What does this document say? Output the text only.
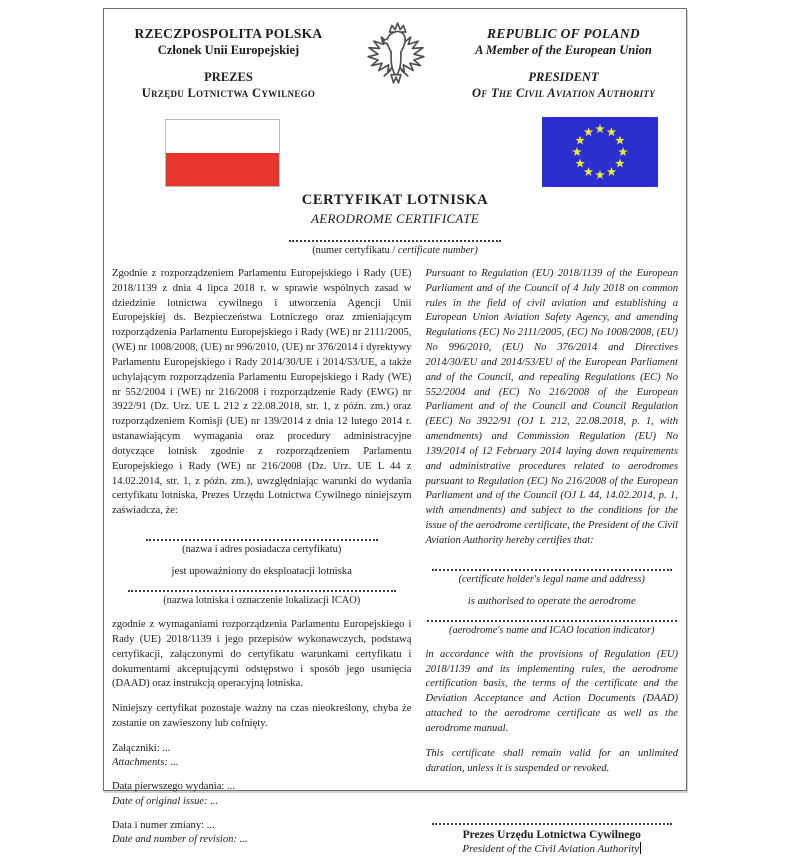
RZECZPOSPOLITA POLSKA
Członek Unii Europejskiej
PREZES
Urzędu Lotnictwa Cywilnego
REPUBLIC OF POLAND
A Member of the European Union
PRESIDENT
Of The Civil Aviation Authority
CERTYFIKAT LOTNISKA
AERODROME CERTIFICATE
(numer certyfikatu / certificate number)

Zgodnie z rozporządzeniem Parlamentu Europejskiego i Rady (UE) 2018/1139 z dnia 4 lipca 2018 r. w sprawie wspólnych zasad w dziedzinie lotnictwa cywilnego i utworzenia Agencji Unii Europejskiej ds. Bezpieczeństwa Lotniczego oraz zmieniającym rozporządzenia Parlamentu Europejskiego i Rady (WE) nr 2111/2005, (WE) nr 1008/2008, (UE) nr 996/2010, (UE) nr 376/2014 i dyrektywy Parlamentu Europejskiego i Rady 2014/30/UE i 2014/53/UE, a także uchylającym rozporządzenia Parlamentu Europejskiego i Rady (WE) nr 552/2004 i (WE) nr 216/2008 i rozporządzenie Rady (EWG) nr 3922/91 (Dz. Urz. UE L 212 z 22.08.2018, str. 1, z późn. zm.) oraz rozporządzeniem Komisji (UE) nr 139/2014 z dnia 12 lutego 2014 r. ustanawiającym wymagania oraz procedury administracyjne dotyczące lotnisk zgodnie z rozporządzeniem Parlamentu Europejskiego i Rady (WE) nr 216/2008 (Dz. Urz. UE L 44 z 14.02.2014, str. 1, z późn. zm.), uwzględniając warunki do wydania certyfikatu lotniska, Prezes Urzędu Lotnictwa Cywilnego niniejszym zaświadcza, że:

(nazwa i adres posiadacza certyfikatu)
jest upoważniony do eksploatacji lotniska
(nazwa lotniska i oznaczenie lokalizacji ICAO)

zgodnie z wymaganiami rozporządzenia Parlamentu Europejskiego i Rady (UE) 2018/1139 i jego przepisów wykonawczych, podstawą certyfikacji, załączonymi do certyfikatu warunkami certyfikatu i dokumentami akceptującymi odstępstwo i sposób jego usunięcia (DAAD) oraz instrukcją operacyjną lotniska.

Niniejszy certyfikat pozostaje ważny na czas nieokreślony, chyba że zostanie on zawieszony lub cofnięty.

Załączniki: ...
Attachments: ...
Data pierwszego wydania: ...
Date of original issue: ...
Data i numer zmiany: ...
Date and number of revision: ...

Pursuant to Regulation (EU) 2018/1139 of the European Parliament and of the Council of 4 July 2018 on common rules in the field of civil aviation and establishing a European Union Aviation Safety Agency, and amending Regulations (EC) No 2111/2005, (EC) No 1008/2008, (EU) No 996/2010, (EU) No 376/2014 and Directives 2014/30/EU and 2014/53/EU of the European Parliament and of the Council, and repealing Regulations (EC) No 552/2004 and (EC) No 216/2008 of the European Parliament and of the Council and Council Regulation (EEC) No 3922/91 (OJ L 212, 22.08.2018, p. 1, with amendments) and Commission Regulation (EU) No 139/2014 of 12 February 2014 laying down requirements and administrative procedures related to aerodromes pursuant to Regulation (EC) No 216/2008 of the European Parliament and of the Council (OJ L 44, 14.02.2014, p. 1, with amendments) and subject to the conditions for the issue of the aerodrome certificate, the President of the Civil Aviation Authority hereby certifies that:

(certificate holder's legal name and address)
is authorised to operate the aerodrome
(aerodrome's name and ICAO location indicator)

in accordance with the provisions of Regulation (EU) 2018/1139 and its implementing rules, the aerodrome certification basis, the terms of the certificate and the Deviation Acceptance and Action Documents (DAAD) attached to the aerodrome certificate as well as the aerodrome manual.

This certificate shall remain valid for an unlimited duration, unless it is suspended or revoked.

Prezes Urzędu Lotnictwa Cywilnego
President of the Civil Aviation Authority
